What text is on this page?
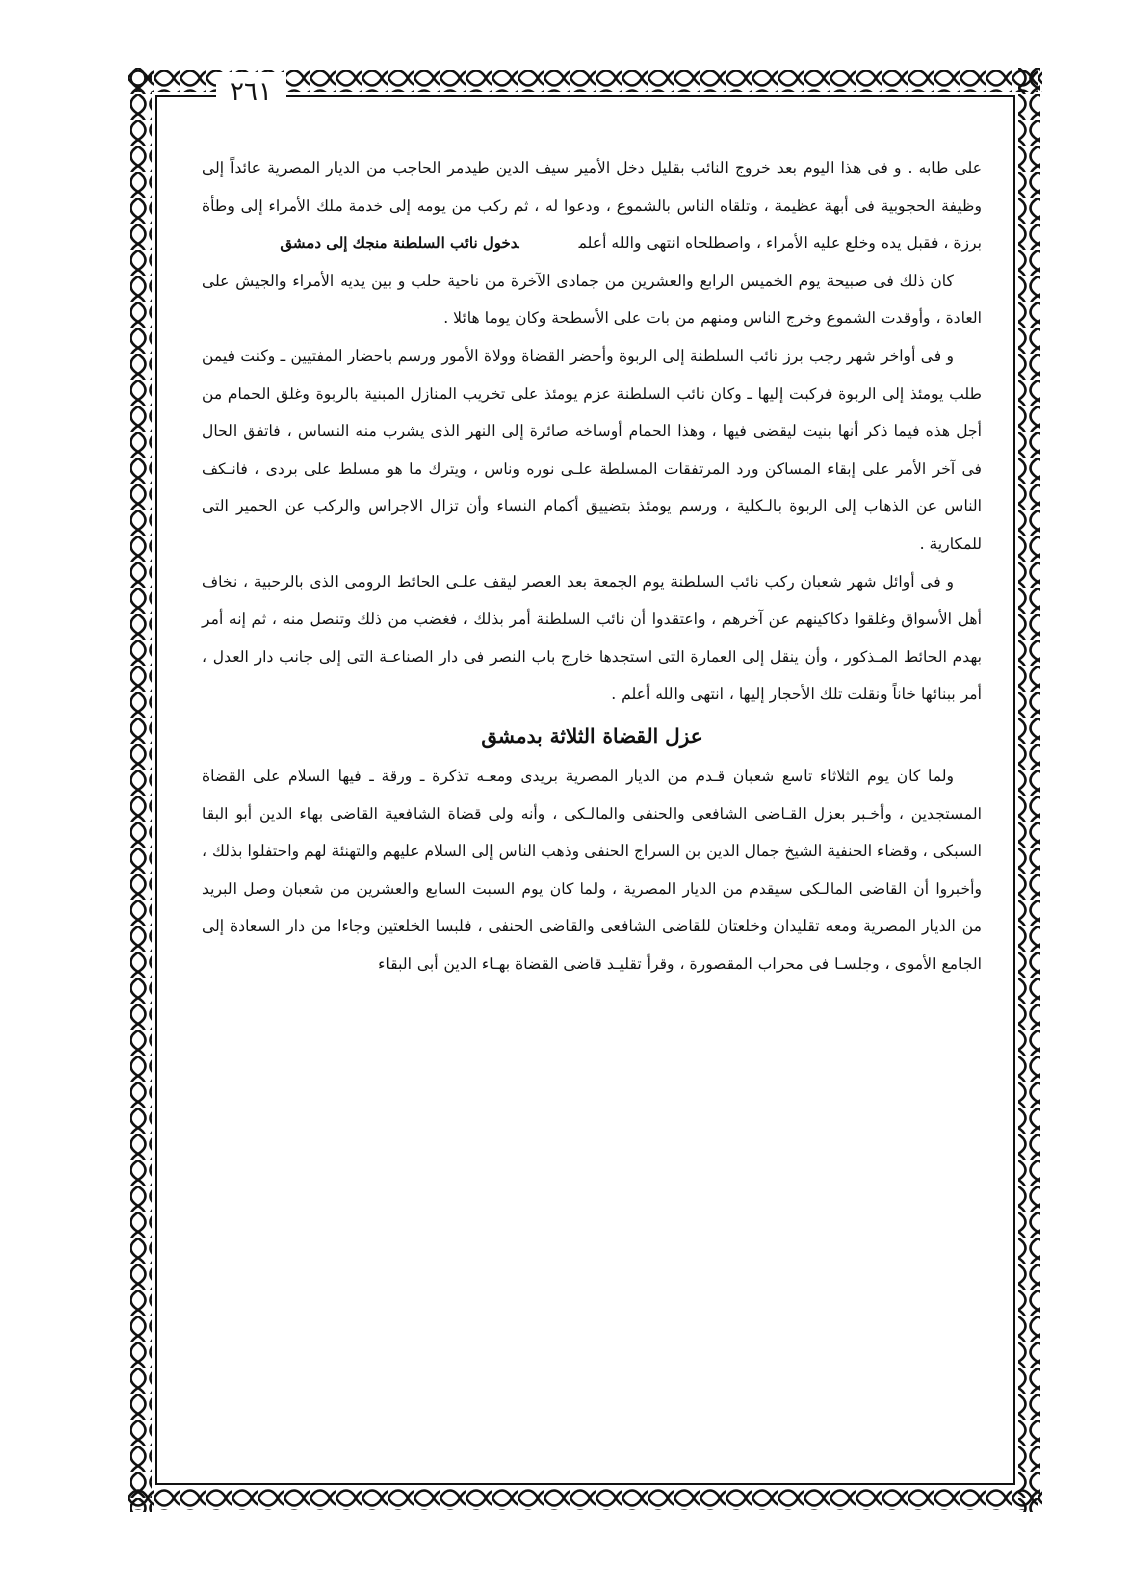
٢٦١

على طابه . و فى هذا اليوم بعد خروج النائب بقليل دخل الأمير سيف الدين طيدمر الحاجب من الديار المصرية عائداً إلى وظيفة الحجوبية فى أبهة عظيمة ، وتلقاه الناس بالشموع ، ودعوا له ، ثم ركب من يومه إلى خدمة ملك الأمراء إلى وطأة برزة ، فقبل يده وخلع عليه الأمراء ، واصطلحاه انتهى والله أعلمدخول نائب السلطنة منجك إلى دمشق

كان ذلك فى صبيحة يوم الخميس الرابع والعشرين من جمادى الآخرة من ناحية حلب و بين يديه الأمراء والجيش على العادة ، وأوقدت الشموع وخرج الناس ومنهم من بات على الأسطحة وكان يوما هائلا .

و فى أواخر شهر رجب برز نائب السلطنة إلى الربوة وأحضر القضاة وولاة الأمور ورسم باحضار المفتيين ـ وكنت فيمن طلب يومئذ إلى الربوة فركبت إليها ـ وكان نائب السلطنة عزم يومئذ على تخريب المنازل المبنية بالربوة وغلق الحمام من أجل هذه فيما ذكر أنها بنيت ليقضى فيها ، وهذا الحمام أوساخه صائرة إلى النهر الذى يشرب منه النساس ، فاتفق الحال فى آخر الأمر على إبقاء المساكن ورد المرتفقات المسلطة علـى نوره وناس ، ويترك ما هو مسلط على بردى ، فانـكف الناس عن الذهاب إلى الربوة بالـكلية ، ورسم يومئذ بتضييق أكمام النساء وأن تزال الاجراس والركب عن الحمير التى للمكارية .

و فى أوائل شهر شعبان ركب نائب السلطنة يوم الجمعة بعد العصر ليقف علـى الحائط الرومى الذى بالرحبية ، نخاف أهل الأسواق وغلقوا دكاكينهم عن آخرهم ، واعتقدوا أن نائب السلطنة أمر بذلك ، فغضب من ذلك وتنصل منه ، ثم إنه أمر بهدم الحائط المـذكور ، وأن ينقل إلى العمارة التى استجدها خارج باب النصر فى دار الصناعـة التى إلى جانب دار العدل ، أمر ببنائها خاناً ونقلت تلك الأحجار إليها ، انتهى والله أعلم .

عزل القضاة الثلاثة بدمشق

ولما كان يوم الثلاثاء تاسع شعبان قـدم من الديار المصرية بريدى ومعـه تذكرة ـ ورقة ـ فيها السلام على القضاة المستجدين ، وأخـبر بعزل القـاضى الشافعى والحنفى والمالـكى ، وأنه ولى قضاة الشافعية القاضى بهاء الدين أبو البقا السبكى ، وقضاء الحنفية الشيخ جمال الدين بن السراج الحنفى وذهب الناس إلى السلام عليهم والتهنئة لهم واحتفلوا بذلك ، وأخبروا أن القاضى المالـكى سيقدم من الديار المصرية ، ولما كان يوم السبت السابع والعشرين من شعبان وصل البريد من الديار المصرية ومعه تقليدان وخلعتان للقاضى الشافعى والقاضى الحنفى ، فلبسا الخلعتين وجاءا من دار السعادة إلى الجامع الأموى ، وجلسـا فى محراب المقصورة ، وقرأ تقليـد قاضى القضاة بهـاء الدين أبى البقاء
